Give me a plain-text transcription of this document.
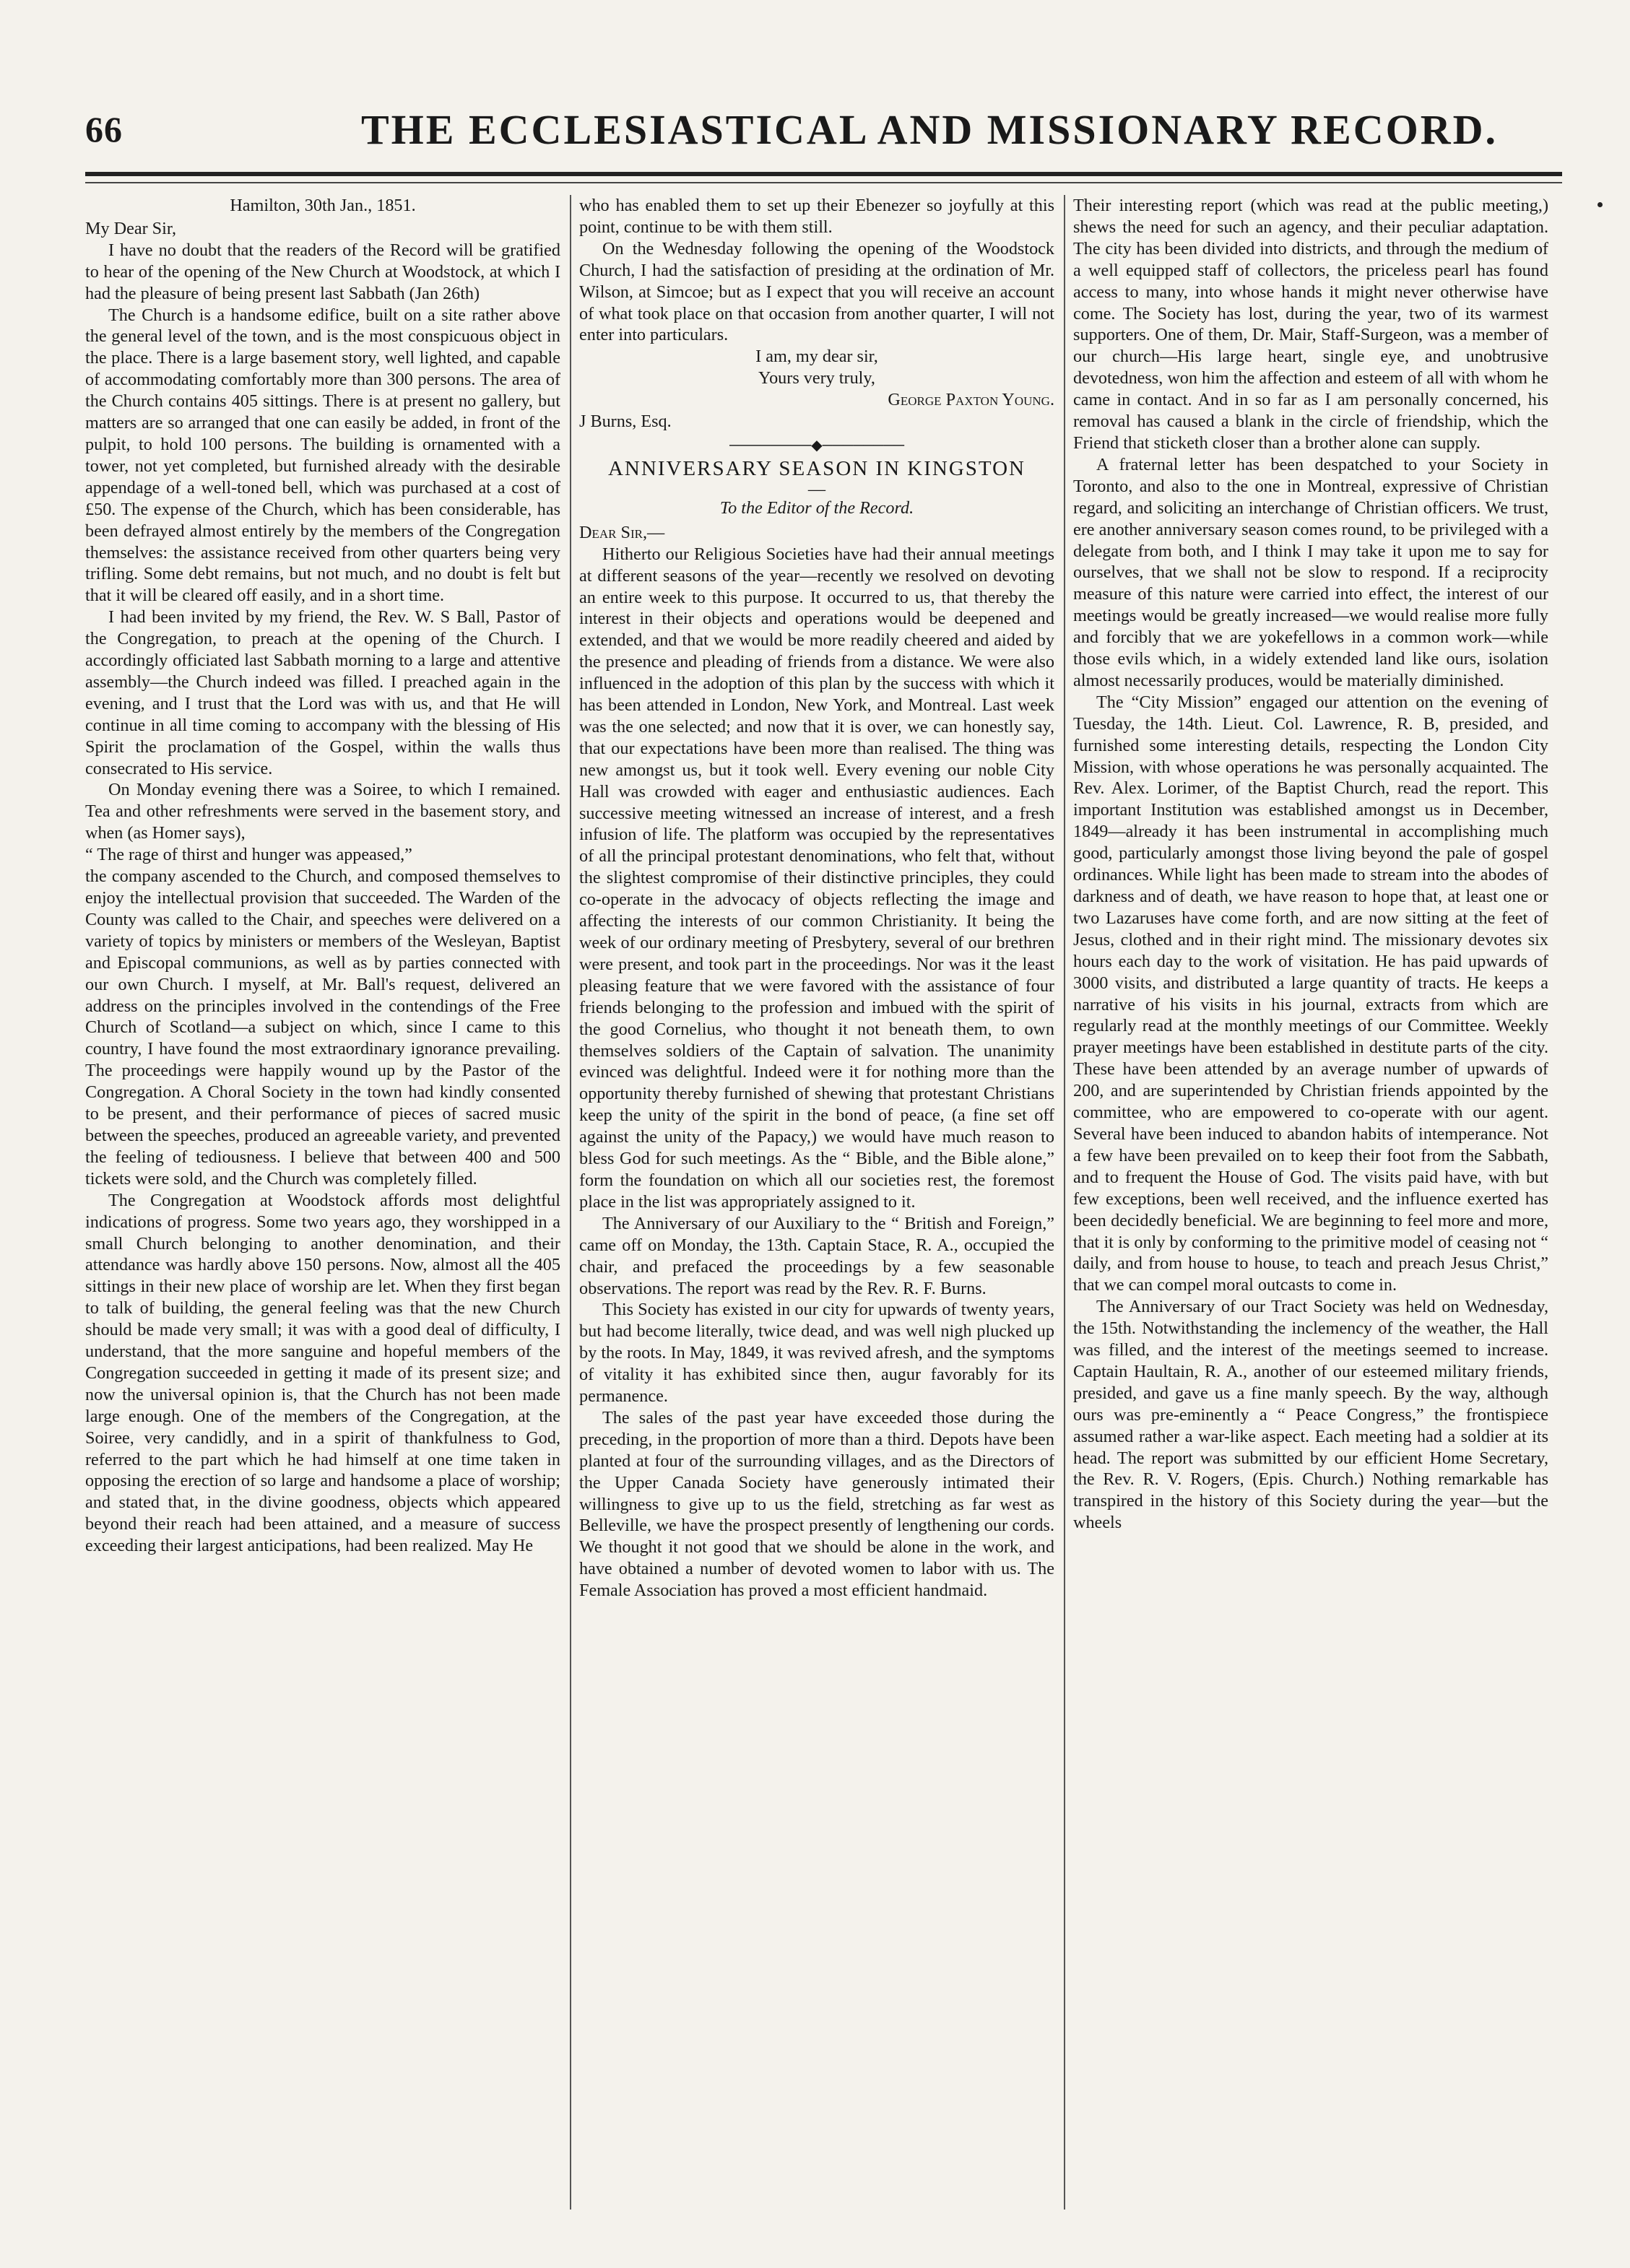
66	THE ECCLESIASTICAL AND MISSIONARY RECORD.

Hamilton, 30th Jan., 1851.

My Dear Sir,

I have no doubt that the readers of the Record will be gratified to hear of the opening of the New Church at Woodstock, at which I had the pleasure of being present last Sabbath (Jan 26th)

The Church is a handsome edifice, built on a site rather above the general level of the town, and is the most conspicuous object in the place. There is a large basement story, well lighted, and capable of accommodating comfortably more than 300 persons. The area of the Church contains 405 sittings. There is at present no gallery, but matters are so arranged that one can easily be added, in front of the pulpit, to hold 100 persons. The building is ornamented with a tower, not yet completed, but furnished already with the desirable appendage of a well-toned bell, which was purchased at a cost of £50. The expense of the Church, which has been considerable, has been defrayed almost entirely by the members of the Congregation themselves: the assistance received from other quarters being very trifling. Some debt remains, but not much, and no doubt is felt but that it will be cleared off easily, and in a short time.

I had been invited by my friend, the Rev. W. S Ball, Pastor of the Congregation, to preach at the opening of the Church. I accordingly officiated last Sabbath morning to a large and attentive assembly—the Church indeed was filled. I preached again in the evening, and I trust that the Lord was with us, and that He will continue in all time coming to accompany with the blessing of His Spirit the proclamation of the Gospel, within the walls thus consecrated to His service.

On Monday evening there was a Soiree, to which I remained. Tea and other refreshments were served in the basement story, and when (as Homer says),

“ The rage of thirst and hunger was appeased,”

the company ascended to the Church, and composed themselves to enjoy the intellectual provision that succeeded. The Warden of the County was called to the Chair, and speeches were delivered on a variety of topics by ministers or members of the Wesleyan, Baptist and Episcopal communions, as well as by parties connected with our own Church. I myself, at Mr. Ball's request, delivered an address on the principles involved in the contendings of the Free Church of Scotland—a subject on which, since I came to this country, I have found the most extraordinary ignorance prevailing. The proceedings were happily wound up by the Pastor of the Congregation. A Choral Society in the town had kindly consented to be present, and their performance of pieces of sacred music between the speeches, produced an agreeable variety, and prevented the feeling of tediousness. I believe that between 400 and 500 tickets were sold, and the Church was completely filled.

The Congregation at Woodstock affords most delightful indications of progress. Some two years ago, they worshipped in a small Church belonging to another denomination, and their attendance was hardly above 150 persons. Now, almost all the 405 sittings in their new place of worship are let. When they first began to talk of building, the general feeling was that the new Church should be made very small; it was with a good deal of difficulty, I understand, that the more sanguine and hopeful members of the Congregation succeeded in getting it made of its present size; and now the universal opinion is, that the Church has not been made large enough. One of the members of the Congregation, at the Soiree, very candidly, and in a spirit of thankfulness to God, referred to the part which he had himself at one time taken in opposing the erection of so large and handsome a place of worship; and stated that, in the divine goodness, objects which appeared beyond their reach had been attained, and a measure of success exceeding their largest anticipations, had been realized. May He

who has enabled them to set up their Ebenezer so joyfully at this point, continue to be with them still.

On the Wednesday following the opening of the Woodstock Church, I had the satisfaction of presiding at the ordination of Mr. Wilson, at Simcoe; but as I expect that you will receive an account of what took place on that occasion from another quarter, I will not enter into particulars.

I am, my dear sir,

Yours very truly,

George Paxton Young.

J Burns, Esq.

────────◆────────

ANNIVERSARY SEASON IN KINGSTON

—

To the Editor of the Record.

Dear Sir,—

Hitherto our Religious Societies have had their annual meetings at different seasons of the year—recently we resolved on devoting an entire week to this purpose. It occurred to us, that thereby the interest in their objects and operations would be deepened and extended, and that we would be more readily cheered and aided by the presence and pleading of friends from a distance. We were also influenced in the adoption of this plan by the success with which it has been attended in London, New York, and Montreal. Last week was the one selected; and now that it is over, we can honestly say, that our expectations have been more than realised. The thing was new amongst us, but it took well. Every evening our noble City Hall was crowded with eager and enthusiastic audiences. Each successive meeting witnessed an increase of interest, and a fresh infusion of life. The platform was occupied by the representatives of all the principal protestant denominations, who felt that, without the slightest compromise of their distinctive principles, they could co-operate in the advocacy of objects reflecting the image and affecting the interests of our common Christianity. It being the week of our ordinary meeting of Presbytery, several of our brethren were present, and took part in the proceedings. Nor was it the least pleasing feature that we were favored with the assistance of four friends belonging to the profession and imbued with the spirit of the good Cornelius, who thought it not beneath them, to own themselves soldiers of the Captain of salvation. The unanimity evinced was delightful. Indeed were it for nothing more than the opportunity thereby furnished of shewing that protestant Christians keep the unity of the spirit in the bond of peace, (a fine set off against the unity of the Papacy,) we would have much reason to bless God for such meetings. As the “ Bible, and the Bible alone,” form the foundation on which all our societies rest, the foremost place in the list was appropriately assigned to it.

The Anniversary of our Auxiliary to the “ British and Foreign,” came off on Monday, the 13th. Captain Stace, R. A., occupied the chair, and prefaced the proceedings by a few seasonable observations. The report was read by the Rev. R. F. Burns.

This Society has existed in our city for upwards of twenty years, but had become literally, twice dead, and was well nigh plucked up by the roots. In May, 1849, it was revived afresh, and the symptoms of vitality it has exhibited since then, augur favorably for its permanence.

The sales of the past year have exceeded those during the preceding, in the proportion of more than a third. Depots have been planted at four of the surrounding villages, and as the Directors of the Upper Canada Society have generously intimated their willingness to give up to us the field, stretching as far west as Belleville, we have the prospect presently of lengthening our cords. We thought it not good that we should be alone in the work, and have obtained a number of devoted women to labor with us. The Female Association has proved a most efficient handmaid.

Their interesting report (which was read at the public meeting,) shews the need for such an agency, and their peculiar adaptation. The city has been divided into districts, and through the medium of a well equipped staff of collectors, the priceless pearl has found access to many, into whose hands it might never otherwise have come. The Society has lost, during the year, two of its warmest supporters. One of them, Dr. Mair, Staff-Surgeon, was a member of our church—His large heart, single eye, and unobtrusive devotedness, won him the affection and esteem of all with whom he came in contact. And in so far as I am personally concerned, his removal has caused a blank in the circle of friendship, which the Friend that sticketh closer than a brother alone can supply.

A fraternal letter has been despatched to your Society in Toronto, and also to the one in Montreal, expressive of Christian regard, and soliciting an interchange of Christian officers. We trust, ere another anniversary season comes round, to be privileged with a delegate from both, and I think I may take it upon me to say for ourselves, that we shall not be slow to respond. If a reciprocity measure of this nature were carried into effect, the interest of our meetings would be greatly increased—we would realise more fully and forcibly that we are yokefellows in a common work—while those evils which, in a widely extended land like ours, isolation almost necessarily produces, would be materially diminished.

The “City Mission” engaged our attention on the evening of Tuesday, the 14th. Lieut. Col. Lawrence, R. B, presided, and furnished some interesting details, respecting the London City Mission, with whose operations he was personally acquainted. The Rev. Alex. Lorimer, of the Baptist Church, read the report. This important Institution was established amongst us in December, 1849—already it has been instrumental in accomplishing much good, particularly amongst those living beyond the pale of gospel ordinances. While light has been made to stream into the abodes of darkness and of death, we have reason to hope that, at least one or two Lazaruses have come forth, and are now sitting at the feet of Jesus, clothed and in their right mind. The missionary devotes six hours each day to the work of visitation. He has paid upwards of 3000 visits, and distributed a large quantity of tracts. He keeps a narrative of his visits in his journal, extracts from which are regularly read at the monthly meetings of our Committee. Weekly prayer meetings have been established in destitute parts of the city. These have been attended by an average number of upwards of 200, and are superintended by Christian friends appointed by the committee, who are empowered to co-operate with our agent. Several have been induced to abandon habits of intemperance. Not a few have been prevailed on to keep their foot from the Sabbath, and to frequent the House of God. The visits paid have, with but few exceptions, been well received, and the influence exerted has been decidedly beneficial. We are beginning to feel more and more, that it is only by conforming to the primitive model of ceasing not “ daily, and from house to house, to teach and preach Jesus Christ,” that we can compel moral outcasts to come in.

The Anniversary of our Tract Society was held on Wednesday, the 15th. Notwithstanding the inclemency of the weather, the Hall was filled, and the interest of the meetings seemed to increase. Captain Haultain, R. A., another of our esteemed military friends, presided, and gave us a fine manly speech. By the way, although ours was pre-eminently a “ Peace Congress,” the frontispiece assumed rather a war-like aspect. Each meeting had a soldier at its head. The report was submitted by our efficient Home Secretary, the Rev. R. V. Rogers, (Epis. Church.) Nothing remarkable has transpired in the history of this Society during the year—but the wheels
